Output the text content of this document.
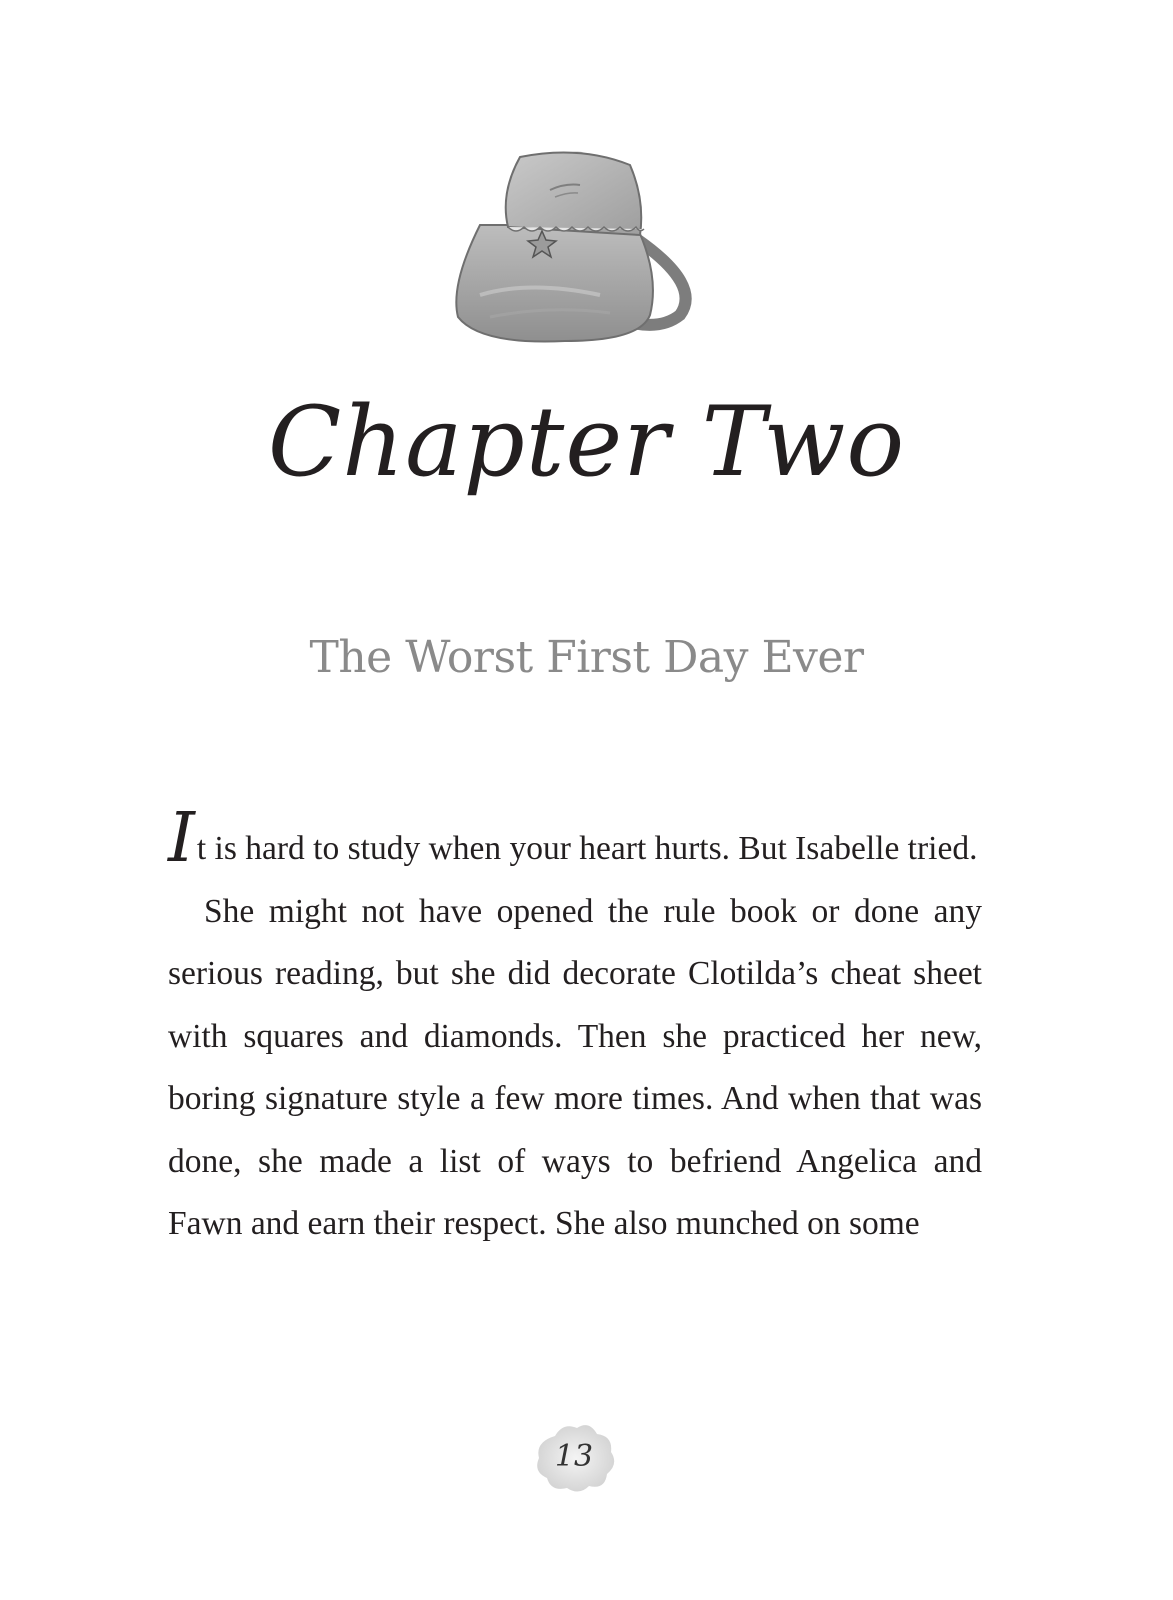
Chapter Two
The Worst First Day Ever

It is hard to study when your heart hurts. But Isabelle tried.

She might not have opened the rule book or done any serious reading, but she did decorate Clotilda’s cheat sheet with squares and diamonds. Then she practiced her new, boring signature style a few more times. And when that was done, she made a list of ways to befriend Angelica and Fawn and earn their respect. She also munched on some

13
